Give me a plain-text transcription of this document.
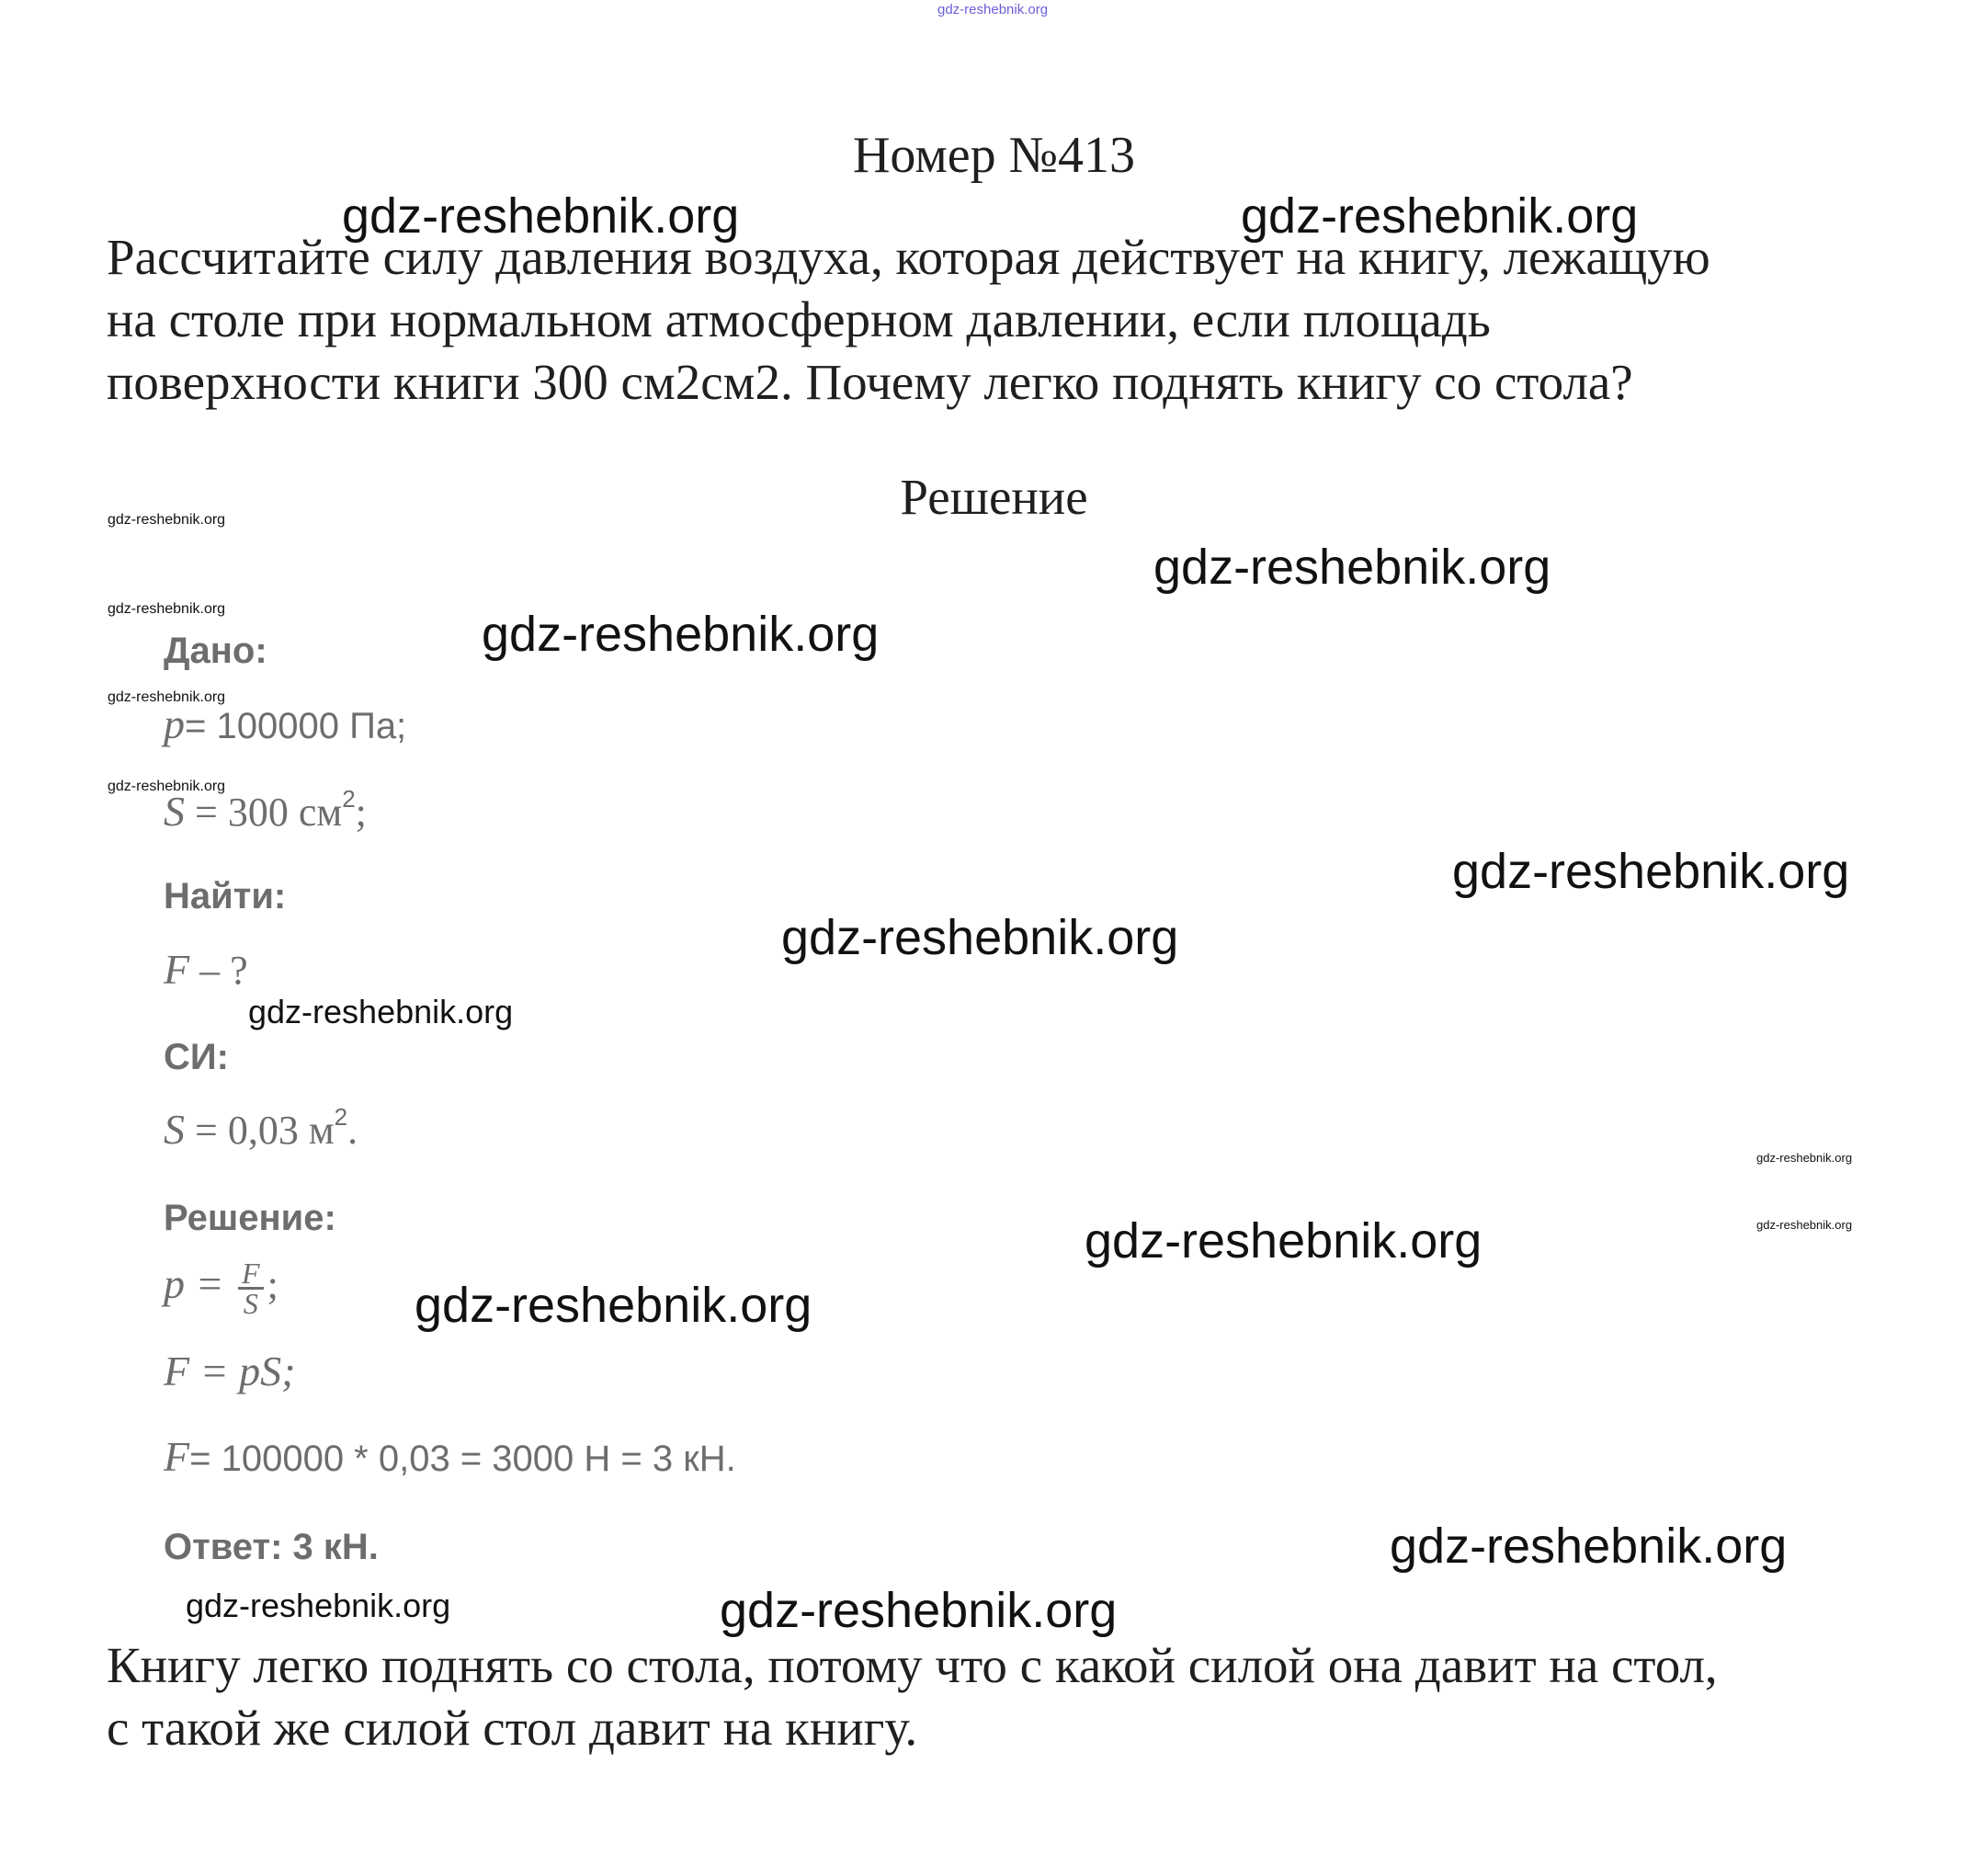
gdz-reshebnik.org
Номер №413
Рассчитайте силу давления воздуха, которая действует на книгу, лежащую
на столе при нормальном атмосферном давлении, если площадь
поверхности книги 300 см2см2. Почему легко поднять книгу со стола?
Решение
Дано:
p= 100000 Па;
S = 300 $см^2$;
Найти:
F – ?
СИ:
S = 0,03 $м^2$.
Решение:
$p = \frac{F}{S}$ ;
F = pS;
F= 100000 * 0,03 = 3000 Н = 3 кН.
Ответ: 3 кН.
Книгу легко поднять со стола, потому что с какой силой она давит на стол,
с такой же силой стол давит на книгу.
gdz-reshebnik.org	gdz-reshebnik.org
gdz-reshebnik.org
gdz-reshebnik.org
gdz-reshebnik.org
gdz-reshebnik.org
gdz-reshebnik.org
gdz-reshebnik.org
gdz-reshebnik.org
gdz-reshebnik.org
gdz-reshebnik.org
gdz-reshebnik.org
gdz-reshebnik.org
gdz-reshebnik.org
gdz-reshebnik.org
gdz-reshebnik.org
gdz-reshebnik.org
gdz-reshebnik.org
